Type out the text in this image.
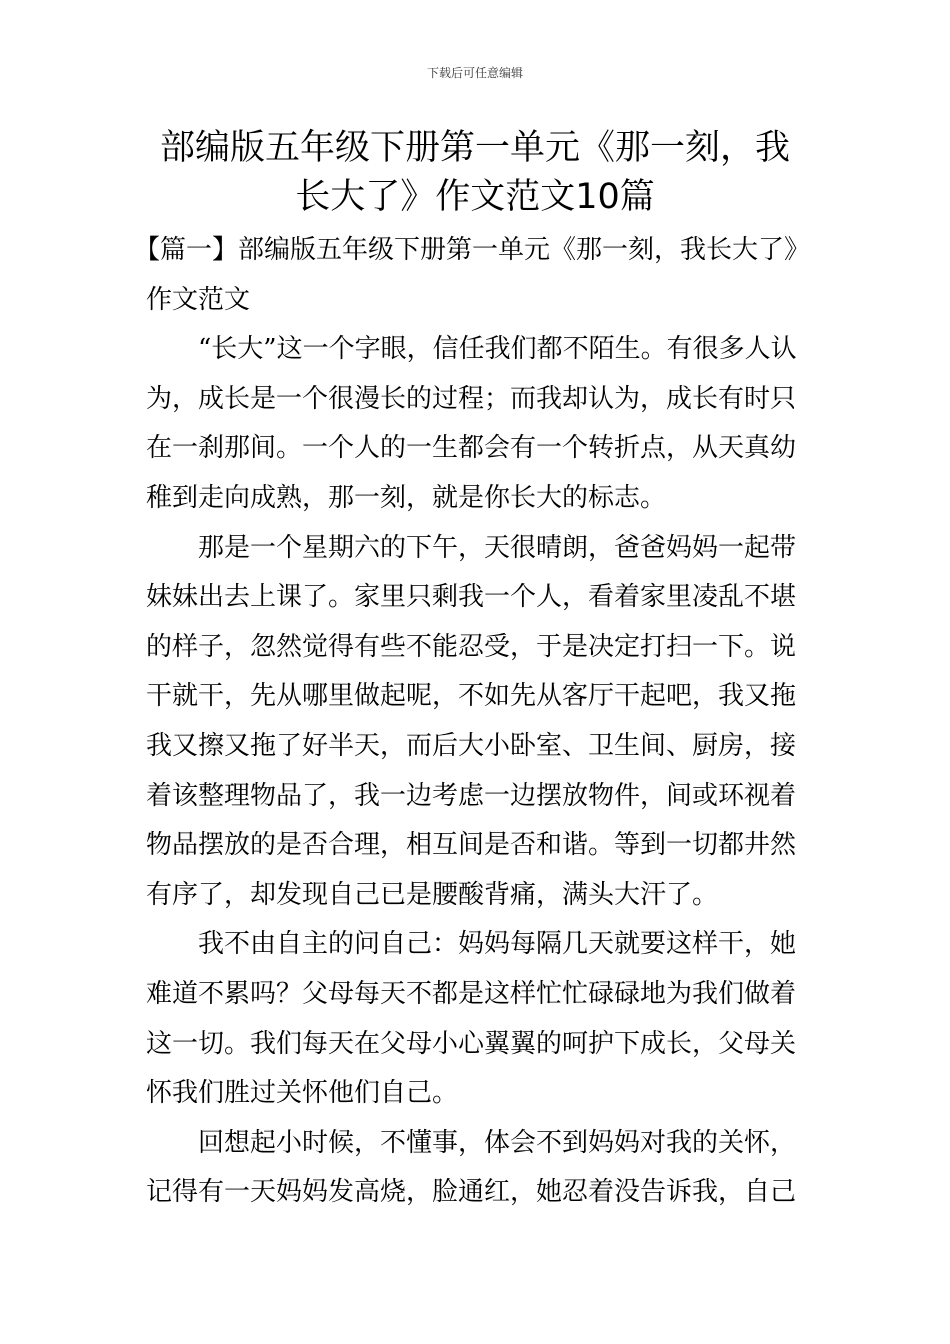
下载后可任意编辑
部编版五年级下册第一单元《那一刻，我长大了》作文范文10篇

【篇一】部编版五年级下册第一单元《那一刻，我长大了》作文范文

“长大”这一个字眼，信任我们都不陌生。有很多人认为，成长是一个很漫长的过程；而我却认为，成长有时只在一刹那间。一个人的一生都会有一个转折点，从天真幼稚到走向成熟，那一刻，就是你长大的标志。

那是一个星期六的下午，天很晴朗，爸爸妈妈一起带妹妹出去上课了。家里只剩我一个人，看着家里凌乱不堪的样子，忽然觉得有些不能忍受，于是决定打扫一下。说干就干，先从哪里做起呢，不如先从客厅干起吧，我又拖我又擦又拖了好半天，而后大小卧室、卫生间、厨房，接着该整理物品了，我一边考虑一边摆放物件，间或环视着物品摆放的是否合理，相互间是否和谐。等到一切都井然有序了，却发现自己已是腰酸背痛，满头大汗了。

我不由自主的问自己：妈妈每隔几天就要这样干，她难道不累吗？父母每天不都是这样忙忙碌碌地为我们做着这一切。我们每天在父母小心翼翼的呵护下成长，父母关怀我们胜过关怀他们自己。

回想起小时候，不懂事，体会不到妈妈对我的关怀，记得有一天妈妈发高烧，脸通红，她忍着没告诉我，自己
